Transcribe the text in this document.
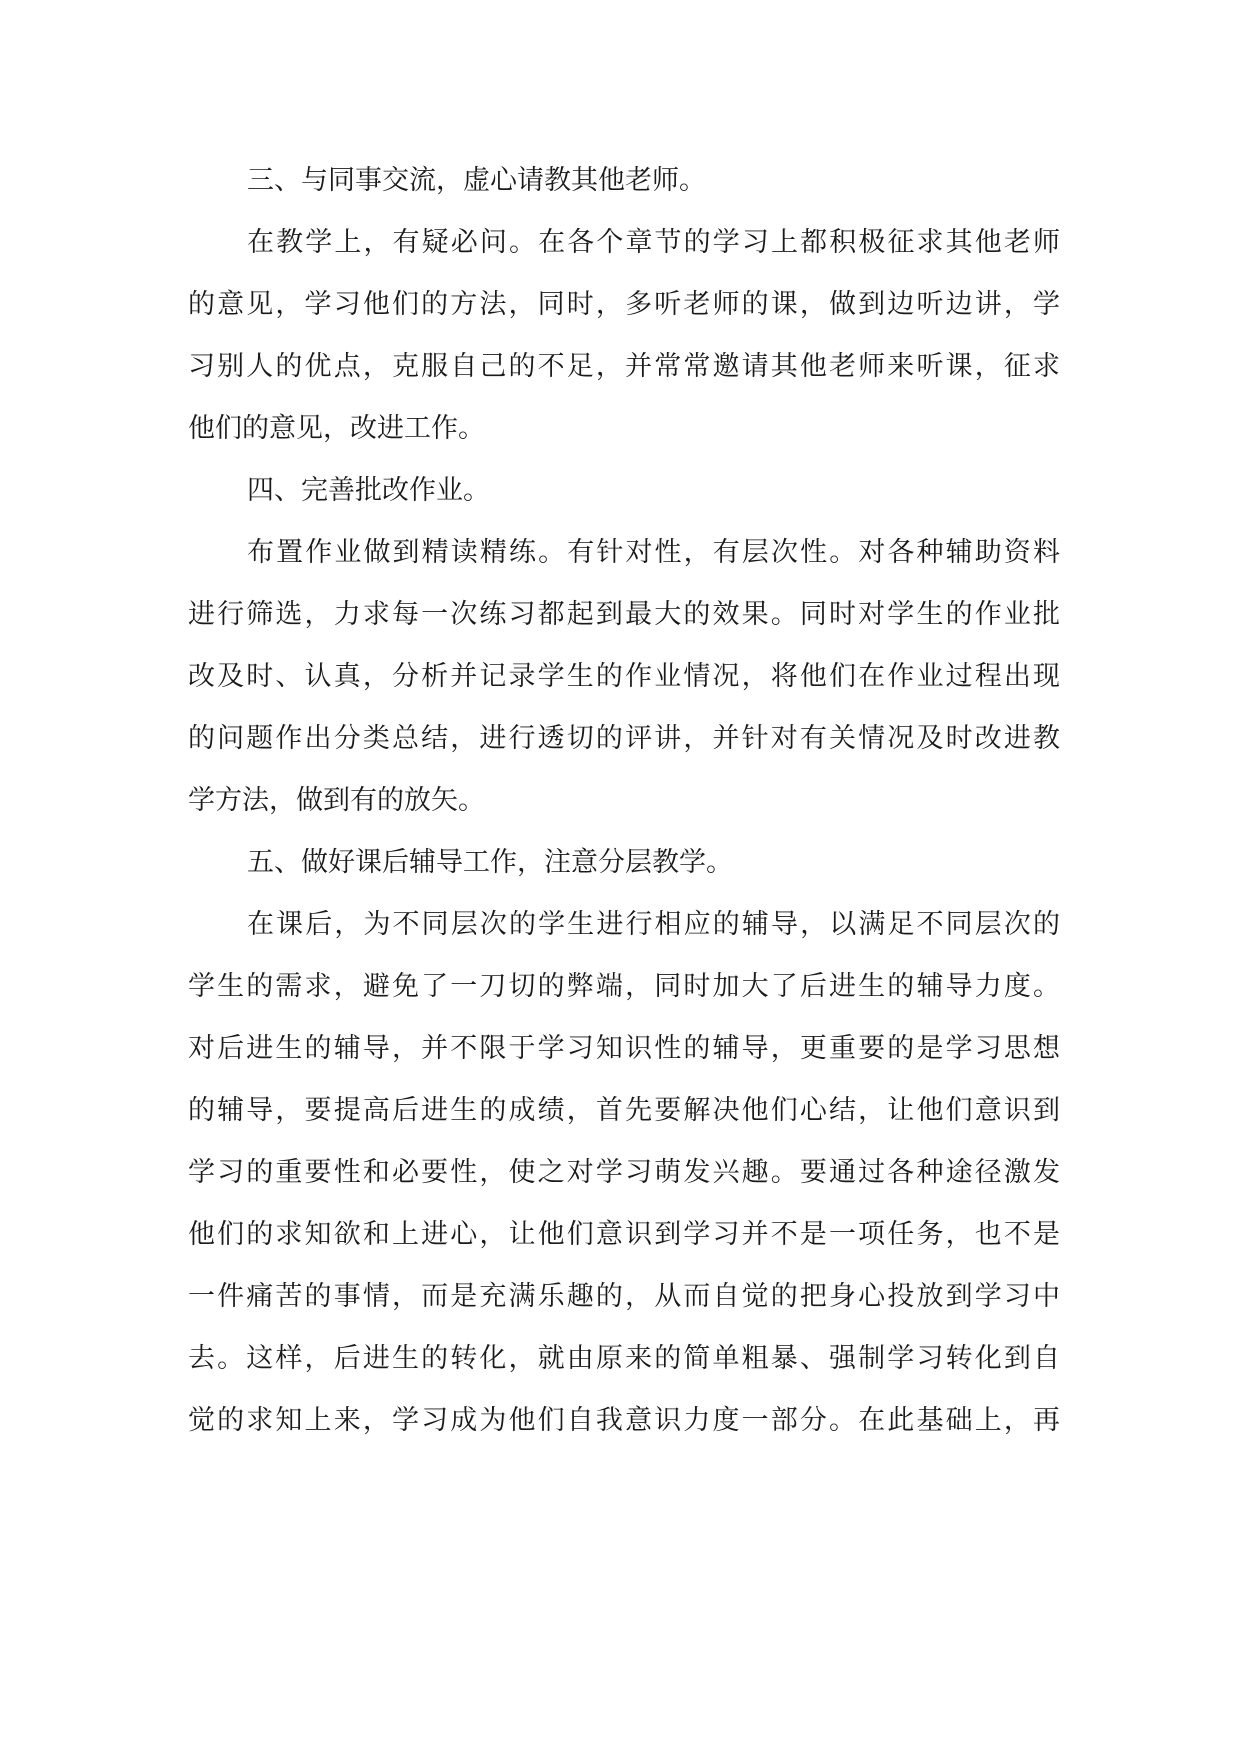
三、与同事交流，虚心请教其他老师。
在教学上，有疑必问。在各个章节的学习上都积极征求其他老师
的意见，学习他们的方法，同时，多听老师的课，做到边听边讲，学
习别人的优点，克服自己的不足，并常常邀请其他老师来听课，征求
他们的意见，改进工作。
四、完善批改作业。
布置作业做到精读精练。有针对性，有层次性。对各种辅助资料
进行筛选，力求每一次练习都起到最大的效果。同时对学生的作业批
改及时、认真，分析并记录学生的作业情况，将他们在作业过程出现
的问题作出分类总结，进行透切的评讲，并针对有关情况及时改进教
学方法，做到有的放矢。
五、做好课后辅导工作，注意分层教学。
在课后，为不同层次的学生进行相应的辅导，以满足不同层次的
学生的需求，避免了一刀切的弊端，同时加大了后进生的辅导力度。
对后进生的辅导，并不限于学习知识性的辅导，更重要的是学习思想
的辅导，要提高后进生的成绩，首先要解决他们心结，让他们意识到
学习的重要性和必要性，使之对学习萌发兴趣。要通过各种途径激发
他们的求知欲和上进心，让他们意识到学习并不是一项任务，也不是
一件痛苦的事情，而是充满乐趣的，从而自觉的把身心投放到学习中
去。这样，后进生的转化，就由原来的简单粗暴、强制学习转化到自
觉的求知上来，学习成为他们自我意识力度一部分。在此基础上，再
